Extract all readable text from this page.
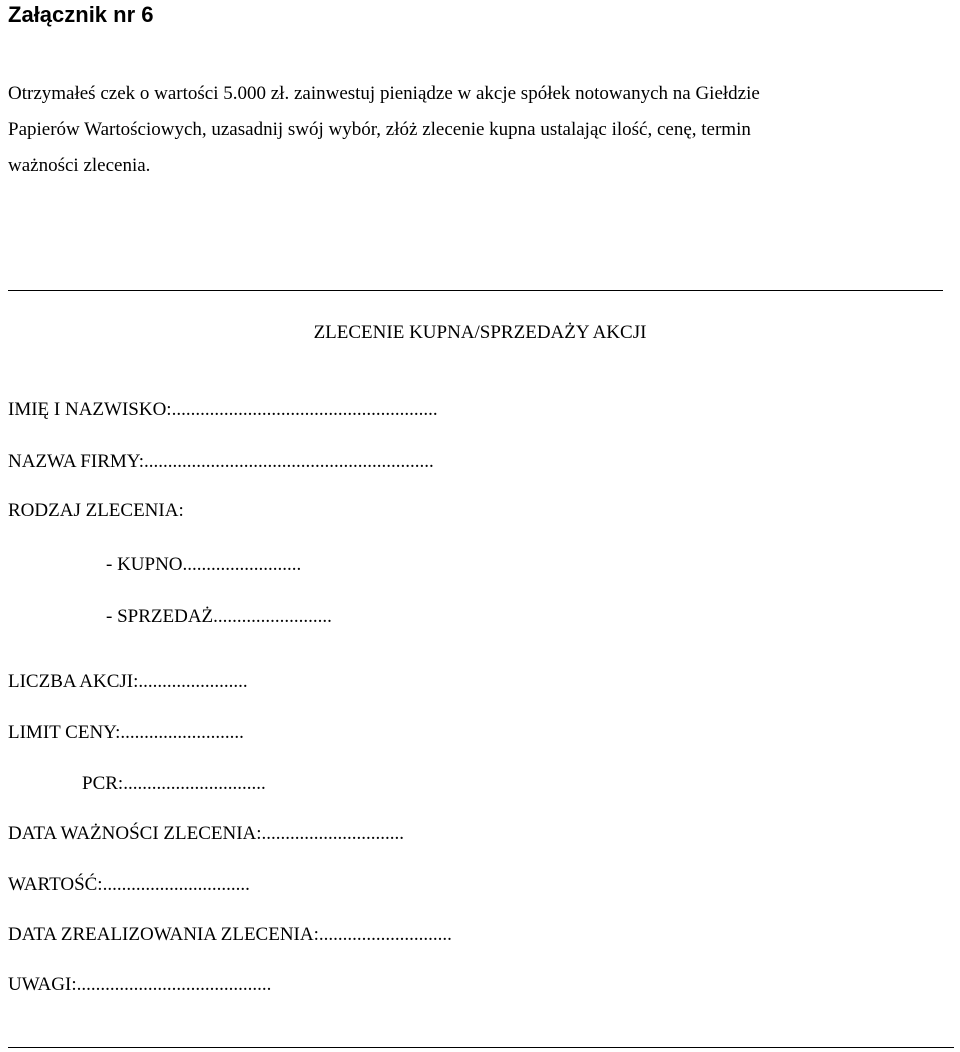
Załącznik nr 6
Otrzymałeś czek o wartości 5.000 zł. zainwestuj pieniądze w akcje spółek notowanych na Giełdzie
Papierów Wartościowych, uzasadnij swój wybór, złóż zlecenie kupna ustalając ilość, cenę, termin
ważności zlecenia.
ZLECENIE KUPNA/SPRZEDAŻY AKCJI
IMIĘ I NAZWISKO:........................................................
NAZWA FIRMY:.............................................................
RODZAJ ZLECENIA:
- KUPNO.........................
- SPRZEDAŻ.........................
LICZBA AKCJI:.......................
LIMIT CENY:..........................
PCR:..............................
DATA WAŻNOŚCI ZLECENIA:..............................
WARTOŚĆ:...............................
DATA ZREALIZOWANIA ZLECENIA:............................
UWAGI:.........................................
